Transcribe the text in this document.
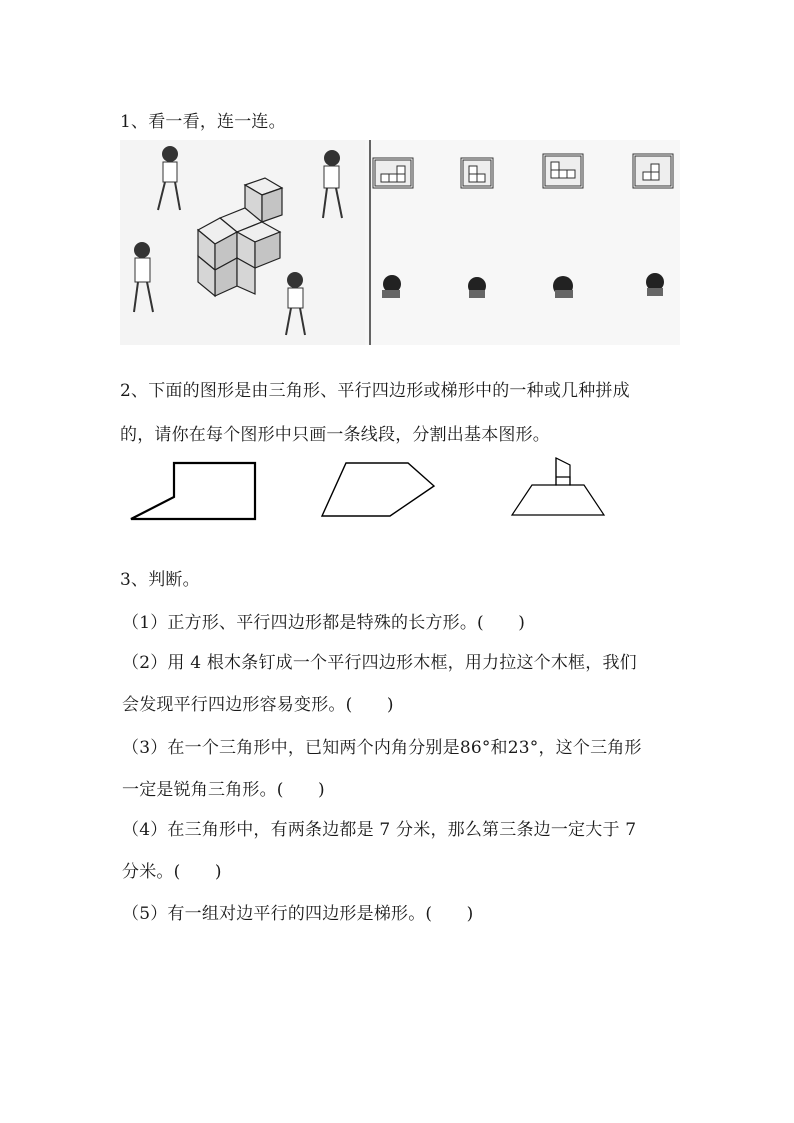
1、看一看，连一连。
2、下面的图形是由三角形、平行四边形或梯形中的一种或几种拼成
的，请你在每个图形中只画一条线段，分割出基本图形。
3、判断。
（1）正方形、平行四边形都是特殊的长方形。(　　)
（2）用 4 根木条钉成一个平行四边形木框，用力拉这个木框，我们
会发现平行四边形容易变形。(　　)
（3）在一个三角形中，已知两个内角分别是86°和23°，这个三角形
一定是锐角三角形。(　　)
（4）在三角形中，有两条边都是 7 分米，那么第三条边一定大于 7
分米。(　　)
（5）有一组对边平行的四边形是梯形。(　　)
